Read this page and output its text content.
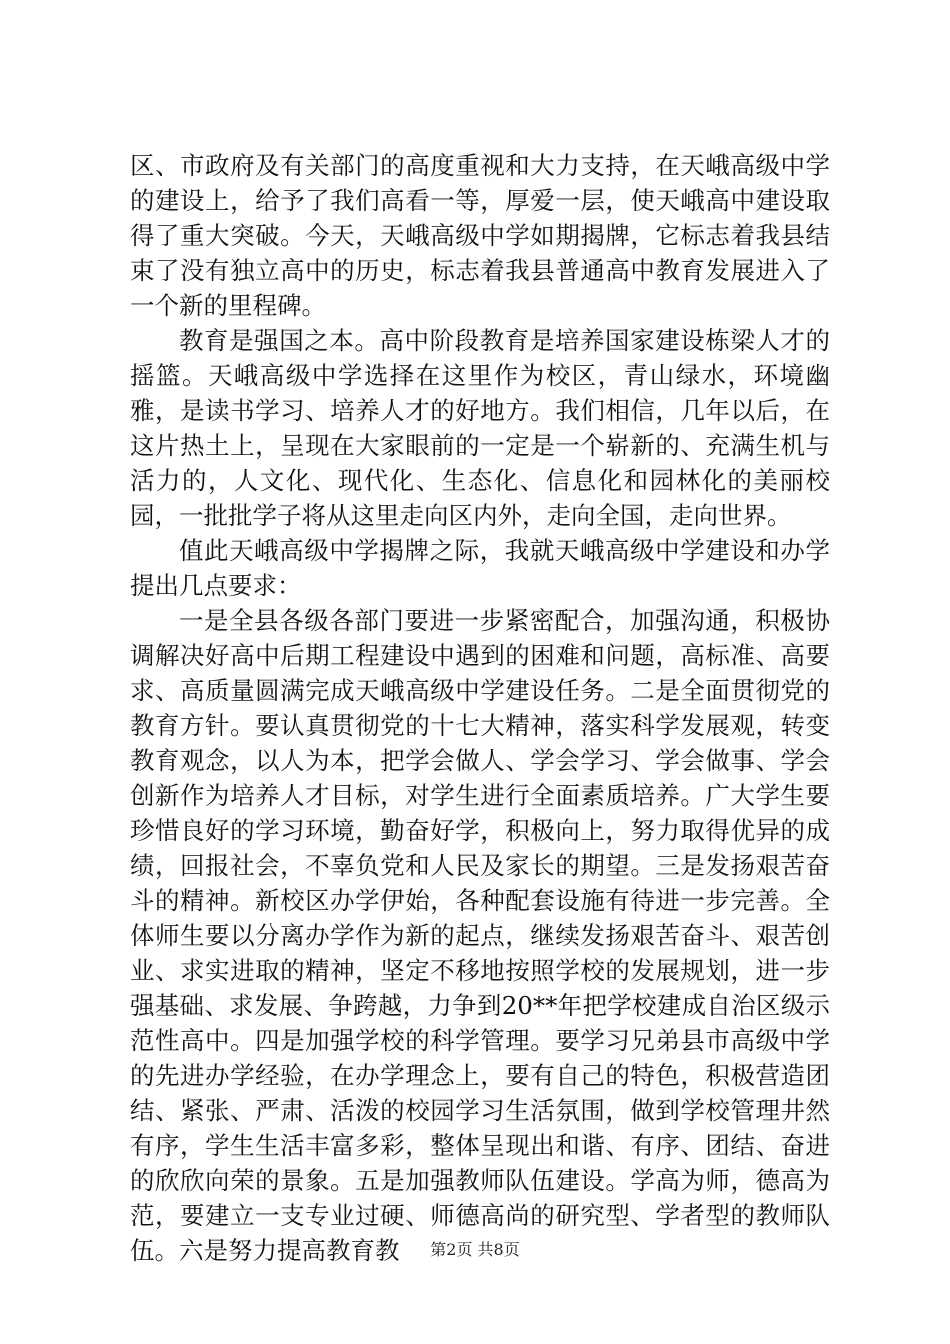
区、市政府及有关部门的高度重视和大力支持，在天峨高级中学的建设上，给予了我们高看一等，厚爱一层，使天峨高中建设取得了重大突破。今天，天峨高级中学如期揭牌，它标志着我县结束了没有独立高中的历史，标志着我县普通高中教育发展进入了一个新的里程碑。

教育是强国之本。高中阶段教育是培养国家建设栋梁人才的摇篮。天峨高级中学选择在这里作为校区，青山绿水，环境幽雅，是读书学习、培养人才的好地方。我们相信，几年以后，在这片热土上，呈现在大家眼前的一定是一个崭新的、充满生机与活力的，人文化、现代化、生态化、信息化和园林化的美丽校园，一批批学子将从这里走向区内外，走向全国，走向世界。

值此天峨高级中学揭牌之际，我就天峨高级中学建设和办学提出几点要求：

一是全县各级各部门要进一步紧密配合，加强沟通，积极协调解决好高中后期工程建设中遇到的困难和问题，高标准、高要求、高质量圆满完成天峨高级中学建设任务。二是全面贯彻党的教育方针。要认真贯彻党的十七大精神，落实科学发展观，转变教育观念，以人为本，把学会做人、学会学习、学会做事、学会创新作为培养人才目标，对学生进行全面素质培养。广大学生要珍惜良好的学习环境，勤奋好学，积极向上，努力取得优异的成绩，回报社会，不辜负党和人民及家长的期望。三是发扬艰苦奋斗的精神。新校区办学伊始，各种配套设施有待进一步完善。全体师生要以分离办学作为新的起点，继续发扬艰苦奋斗、艰苦创业、求实进取的精神，坚定不移地按照学校的发展规划，进一步强基础、求发展、争跨越，力争到20**年把学校建成自治区级示范性高中。四是加强学校的科学管理。要学习兄弟县市高级中学的先进办学经验，在办学理念上，要有自己的特色，积极营造团结、紧张、严肃、活泼的校园学习生活氛围，做到学校管理井然有序，学生生活丰富多彩，整体呈现出和谐、有序、团结、奋进的欣欣向荣的景象。五是加强教师队伍建设。学高为师，德高为范，要建立一支专业过硬、师德高尚的研究型、学者型的教师队伍。六是努力提高教育教	第2页 共8页
